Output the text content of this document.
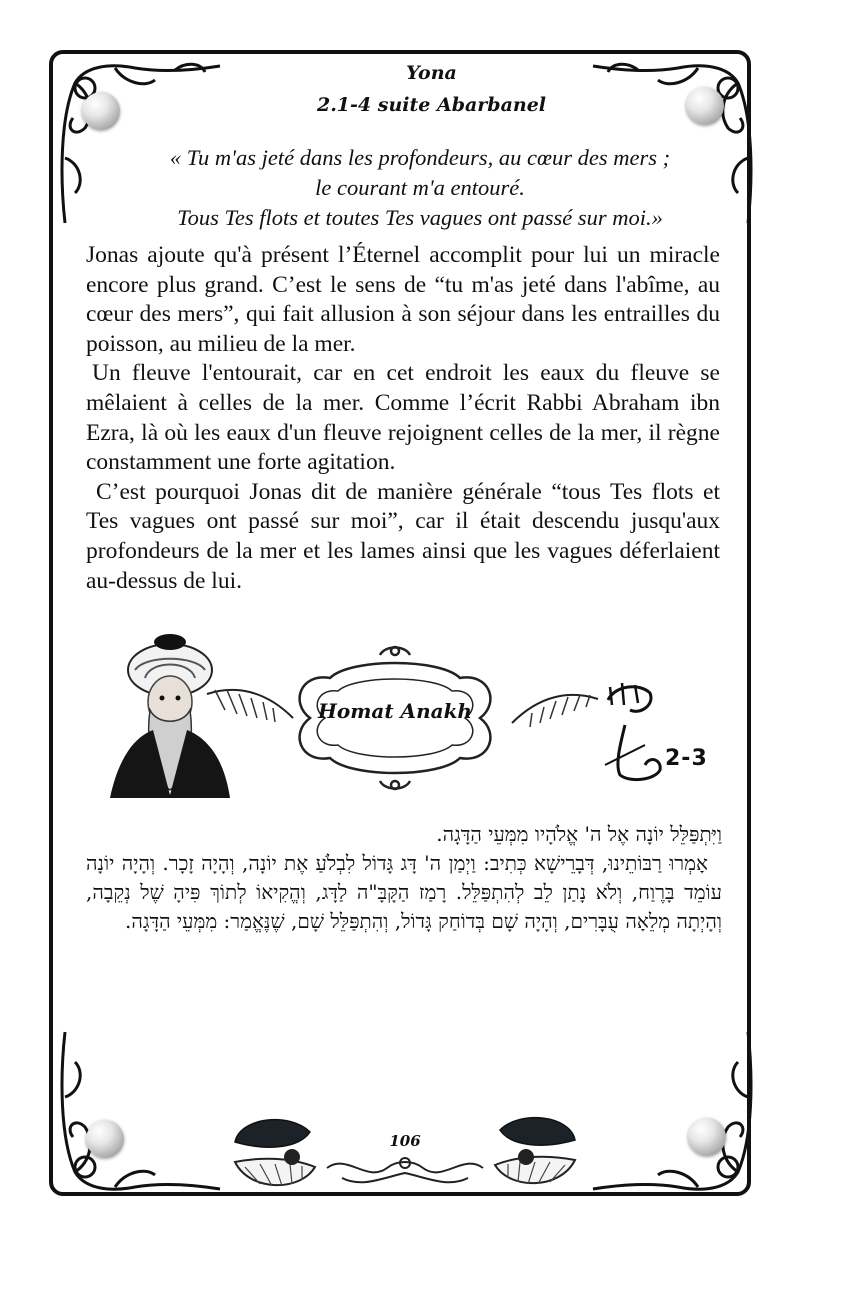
Yona
2.1-4 suite Abarbanel
« Tu m'as jeté dans les profondeurs, au cœur des mers ;
le courant m'a entouré.
Tous Tes flots et toutes Tes vagues ont passé sur moi.»

Jonas ajoute qu'à présent l’Éternel accomplit pour lui un miracle encore plus grand. C’est le sens de “tu m'as jeté dans l'abîme, au cœur des mers”, qui fait allusion à son séjour dans les entrailles du poisson, au milieu de la mer.

Un fleuve l'entourait, car en cet endroit les eaux du fleuve se mêlaient à celles de la mer. Comme l’écrit Rabbi Abraham ibn Ezra, là où les eaux d'un fleuve rejoignent celles de la mer, il règne constamment une forte agitation.

C’est pourquoi Jonas dit de manière générale “tous Tes flots et Tes vagues ont passé sur moi”, car il était descendu jusqu'aux profondeurs de la mer et les lames ainsi que les vagues déferlaient au-dessus de lui.

Homat Anakh
2-3

וַיִּתְפַּלֵּל יוֹנָה אֶל ה' אֱלֹהָיו מִמְּעֵי הַדָּגָה.

אָמְרוּ רַבּוֹתֵינוּ, דְּבָרֵישָׁא כְּתִיב: וַיְמַן ה' דָּג גָּדוֹל לִבְלֹעַ אֶת יוֹנָה, וְהָיָה זָכָר. וְהָיָה יוֹנָה עוֹמֵד בָּרֶוַח, וְלֹא נָתַן לֵב לְהִתְפַּלֵּל. רָמַז הַקָּבָּ"ה לַדָּג, וְהֱקִיאוֹ לְתוֹךְ פִּיהָ שֶׁל נְקֵבָה, וְהָיְתָה מְלֵאָה עֻבָּרִים, וְהָיָה שָׁם בְּדוֹחַק גָּדוֹל, וְהִתְפַּלֵּל שָׁם, שֶׁנֶּאֱמַר: מִמְּעֵי הַדָּגָה.

106
